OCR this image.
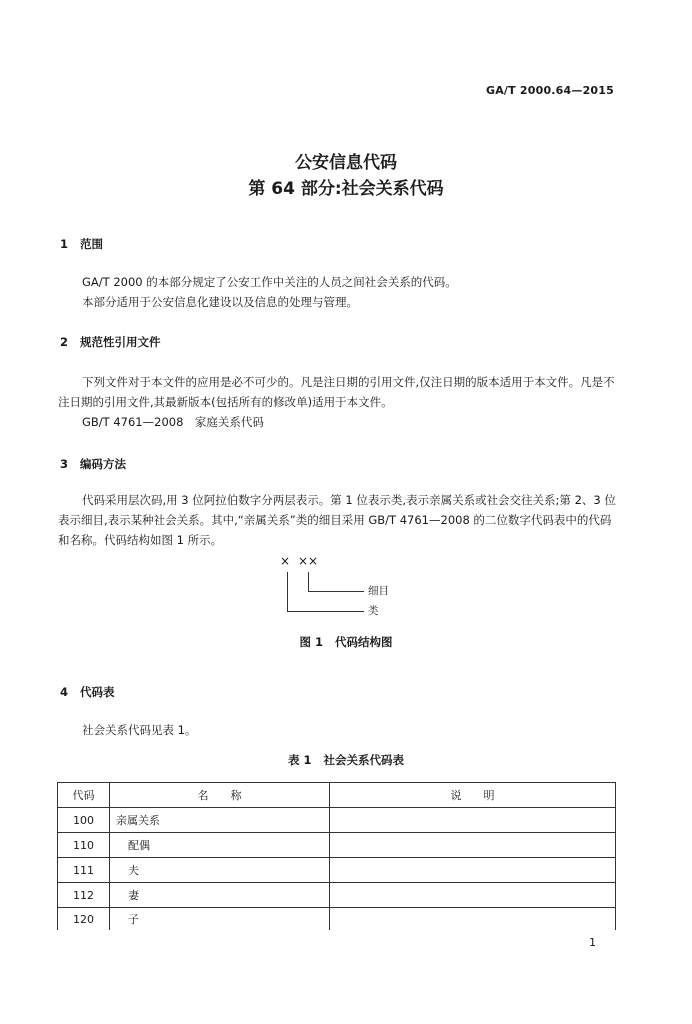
GA/T 2000.64—2015
公安信息代码
第 64 部分:社会关系代码
1 范围
GA/T 2000 的本部分规定了公安工作中关注的人员之间社会关系的代码。
本部分适用于公安信息化建设以及信息的处理与管理。
2 规范性引用文件
下列文件对于本文件的应用是必不可少的。凡是注日期的引用文件,仅注日期的版本适用于本文件。凡是不注日期的引用文件,其最新版本(包括所有的修改单)适用于本文件。
GB/T 4761—2008　家庭关系代码
3 编码方法
代码采用层次码,用 3 位阿拉伯数字分两层表示。第 1 位表示类,表示亲属关系或社会交往关系;第 2、3 位表示细目,表示某种社会关系。其中,“亲属关系”类的细目采用 GB/T 4761—2008 的二位数字代码表中的代码和名称。代码结构如图 1 所示。
× ××
细目
类
图 1 代码结构图
4 代码表
社会关系代码见表 1。
表 1 社会关系代码表
代码	名　　称	说　　明
100	亲属关系	
110	配偶	
111	夫	
112	妻	
120	子	
1
